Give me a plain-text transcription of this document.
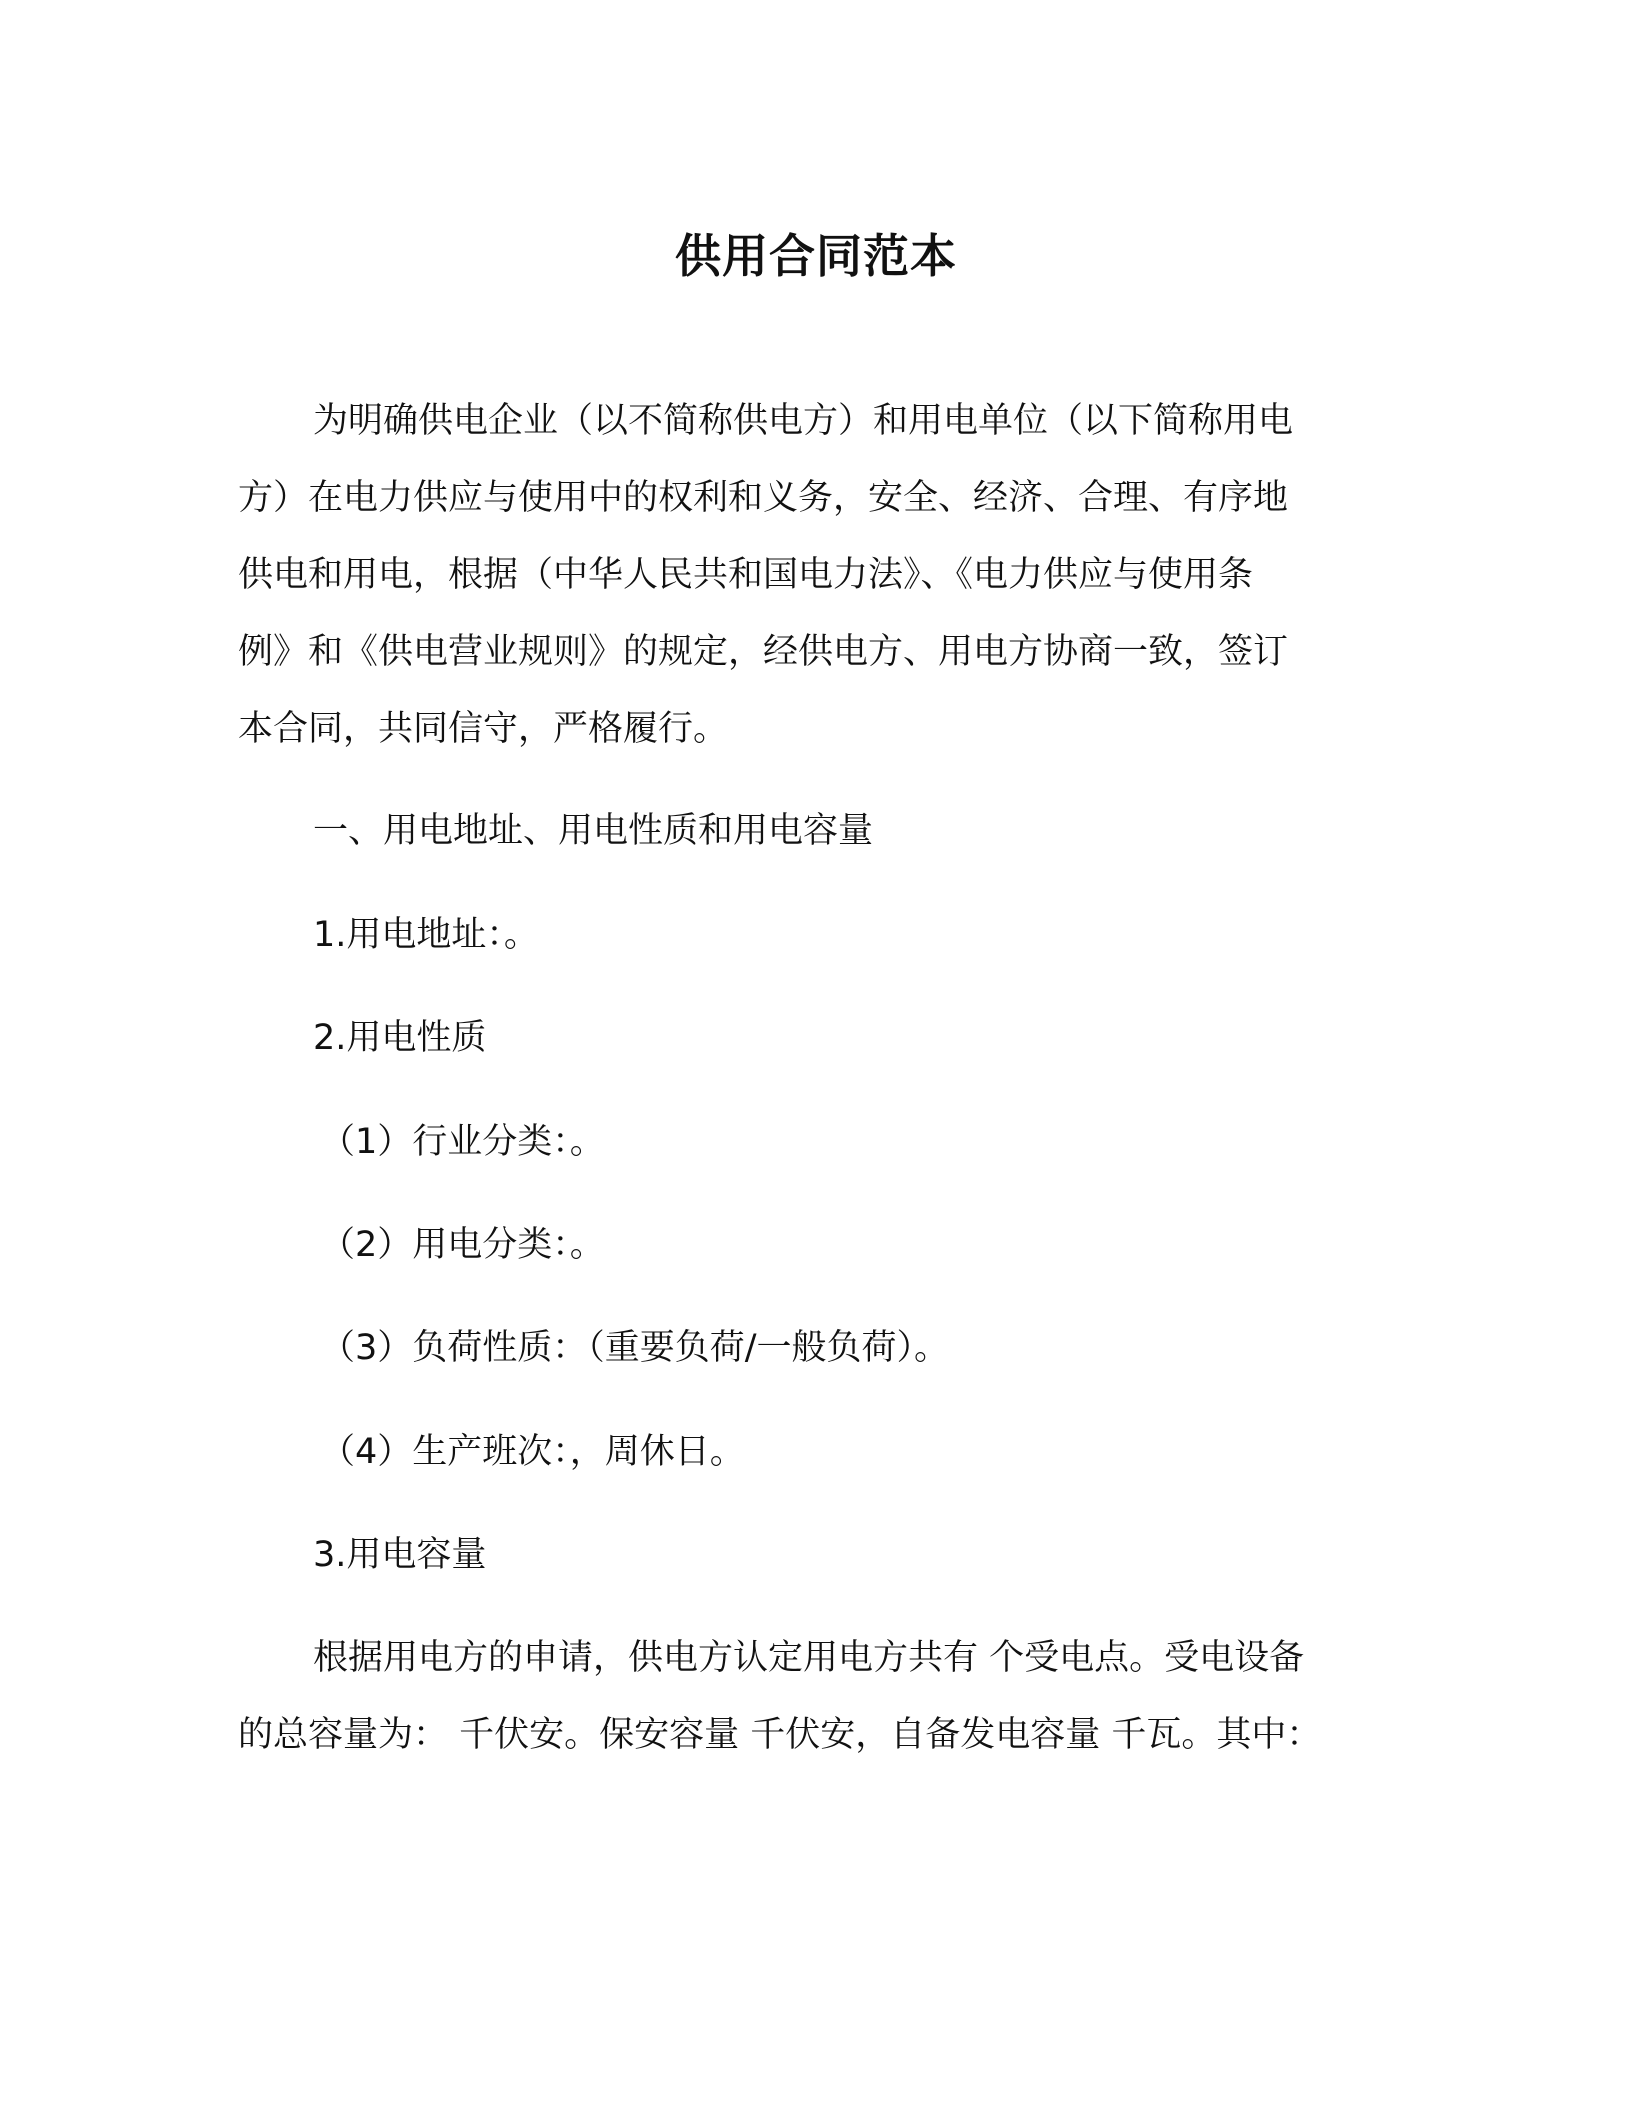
供用合同范本
为明确供电企业（以不简称供电方）和用电单位（以下简称用电
方）在电力供应与使用中的权利和义务，安全、经济、合理、有序地
供电和用电，根据（中华人民共和国电力法》、《电力供应与使用条
例》和《供电营业规则》的规定，经供电方、用电方协商一致，签订
本合同，共同信守，严格履行。
一、用电地址、用电性质和用电容量
1.用电地址：。
2.用电性质
（1）行业分类：。
（2）用电分类：。
（3）负荷性质：（重要负荷/一般负荷）。
（4）生产班次：，周休日。
3.用电容量
根据用电方的申请，供电方认定用电方共有 个受电点。受电设备
的总容量为： 千伏安。保安容量 千伏安，自备发电容量 千瓦。其中：
